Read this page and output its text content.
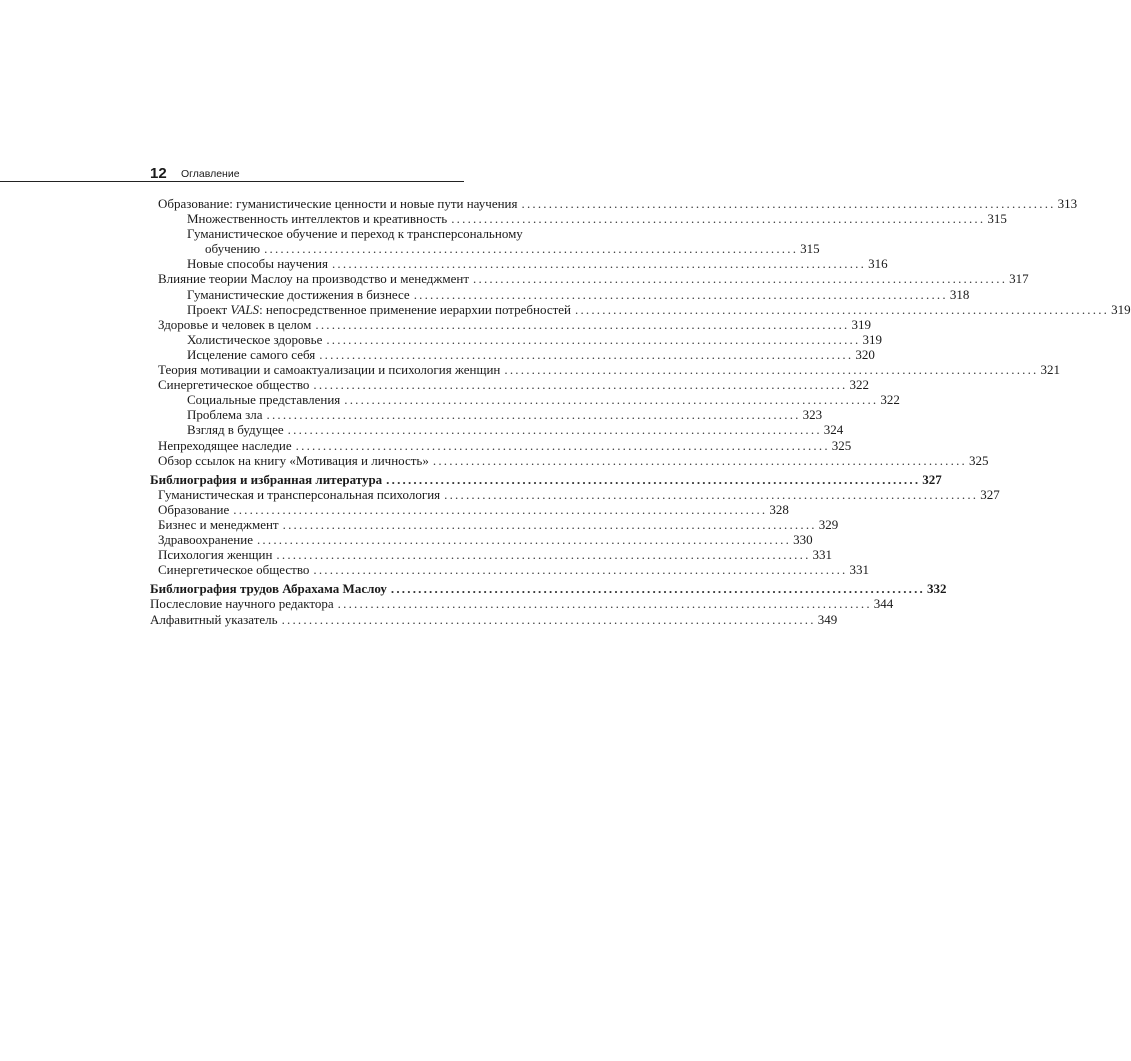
12 Оглавление
Образование: гуманистические ценности и новые пути научения .................................................................................................. 313
Множественность интеллектов и креативность .................................................................................................. 315
Гуманистическое обучение и переход к трансперсональному
обучению .................................................................................................. 315
Новые способы научения .................................................................................................. 316
Влияние теории Маслоу на производство и менеджмент .................................................................................................. 317
Гуманистические достижения в бизнесе .................................................................................................. 318
Проект VALS: непосредственное применение иерархии потребностей .................................................................................................. 319
Здоровье и человек в целом .................................................................................................. 319
Холистическое здоровье .................................................................................................. 319
Исцеление самого себя .................................................................................................. 320
Теория мотивации и самоактуализации и психология женщин .................................................................................................. 321
Синергетическое общество .................................................................................................. 322
Социальные представления .................................................................................................. 322
Проблема зла .................................................................................................. 323
Взгляд в будущее .................................................................................................. 324
Непреходящее наследие .................................................................................................. 325
Обзор ссылок на книгу «Мотивация и личность» .................................................................................................. 325
Библиография и избранная литература .................................................................................................. 327
Гуманистическая и трансперсональная психология .................................................................................................. 327
Образование .................................................................................................. 328
Бизнес и менеджмент .................................................................................................. 329
Здравоохранение .................................................................................................. 330
Психология женщин .................................................................................................. 331
Синергетическое общество .................................................................................................. 331
Библиография трудов Абрахама Маслоу .................................................................................................. 332
Послесловие научного редактора .................................................................................................. 344
Алфавитный указатель .................................................................................................. 349
